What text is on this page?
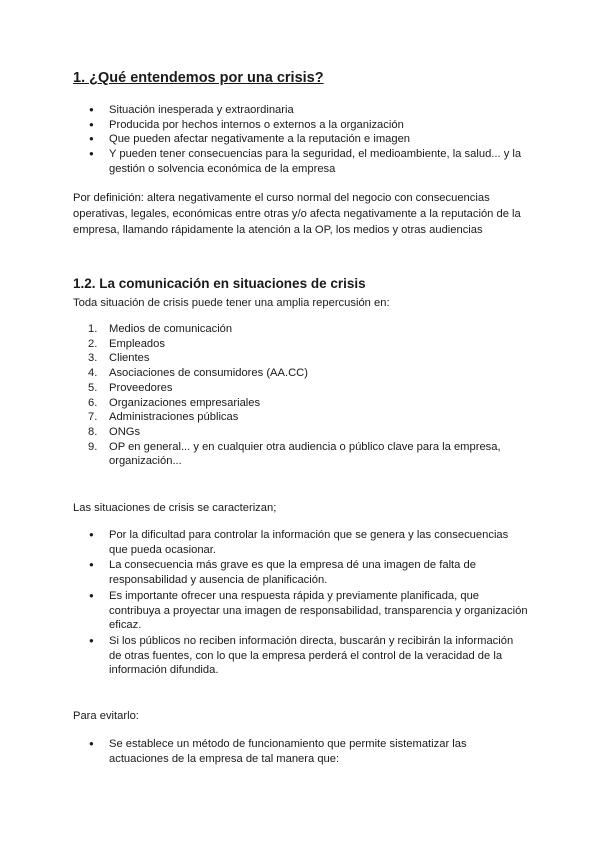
1. ¿Qué entendemos por una crisis?
● Situación inesperada y extraordinaria
● Producida por hechos internos o externos a la organización
● Que pueden afectar negativamente a la reputación e imagen
● Y pueden tener consecuencias para la seguridad, el medioambiente, la salud... y la gestión o solvencia económica de la empresa

Por definición: altera negativamente el curso normal del negocio con consecuencias operativas, legales, económicas entre otras y/o afecta negativamente a la reputación de la empresa, llamando rápidamente la atención a la OP, los medios y otras audiencias

1.2. La comunicación en situaciones de crisis

Toda situación de crisis puede tener una amplia repercusión en:

1.	Medios de comunicación
2.	Empleados
3.	Clientes
4.	Asociaciones de consumidores (AA.CC)
5.	Proveedores
6.	Organizaciones empresariales
7.	Administraciones públicas
8.	ONGs
9.	OP en general... y en cualquier otra audiencia o público clave para la empresa, organización...

Las situaciones de crisis se caracterizan;

● Por la dificultad para controlar la información que se genera y las consecuencias que pueda ocasionar.
● La consecuencia más grave es que la empresa dé una imagen de falta de responsabilidad y ausencia de planificación.
● Es importante ofrecer una respuesta rápida y previamente planificada, que contribuya a proyectar una imagen de responsabilidad, transparencia y organización eficaz.
● Si los públicos no reciben información directa, buscarán y recibirán la información de otras fuentes, con lo que la empresa perderá el control de la veracidad de la información difundida.

Para evitarlo:

● Se establece un método de funcionamiento que permite sistematizar las actuaciones de la empresa de tal manera que:
